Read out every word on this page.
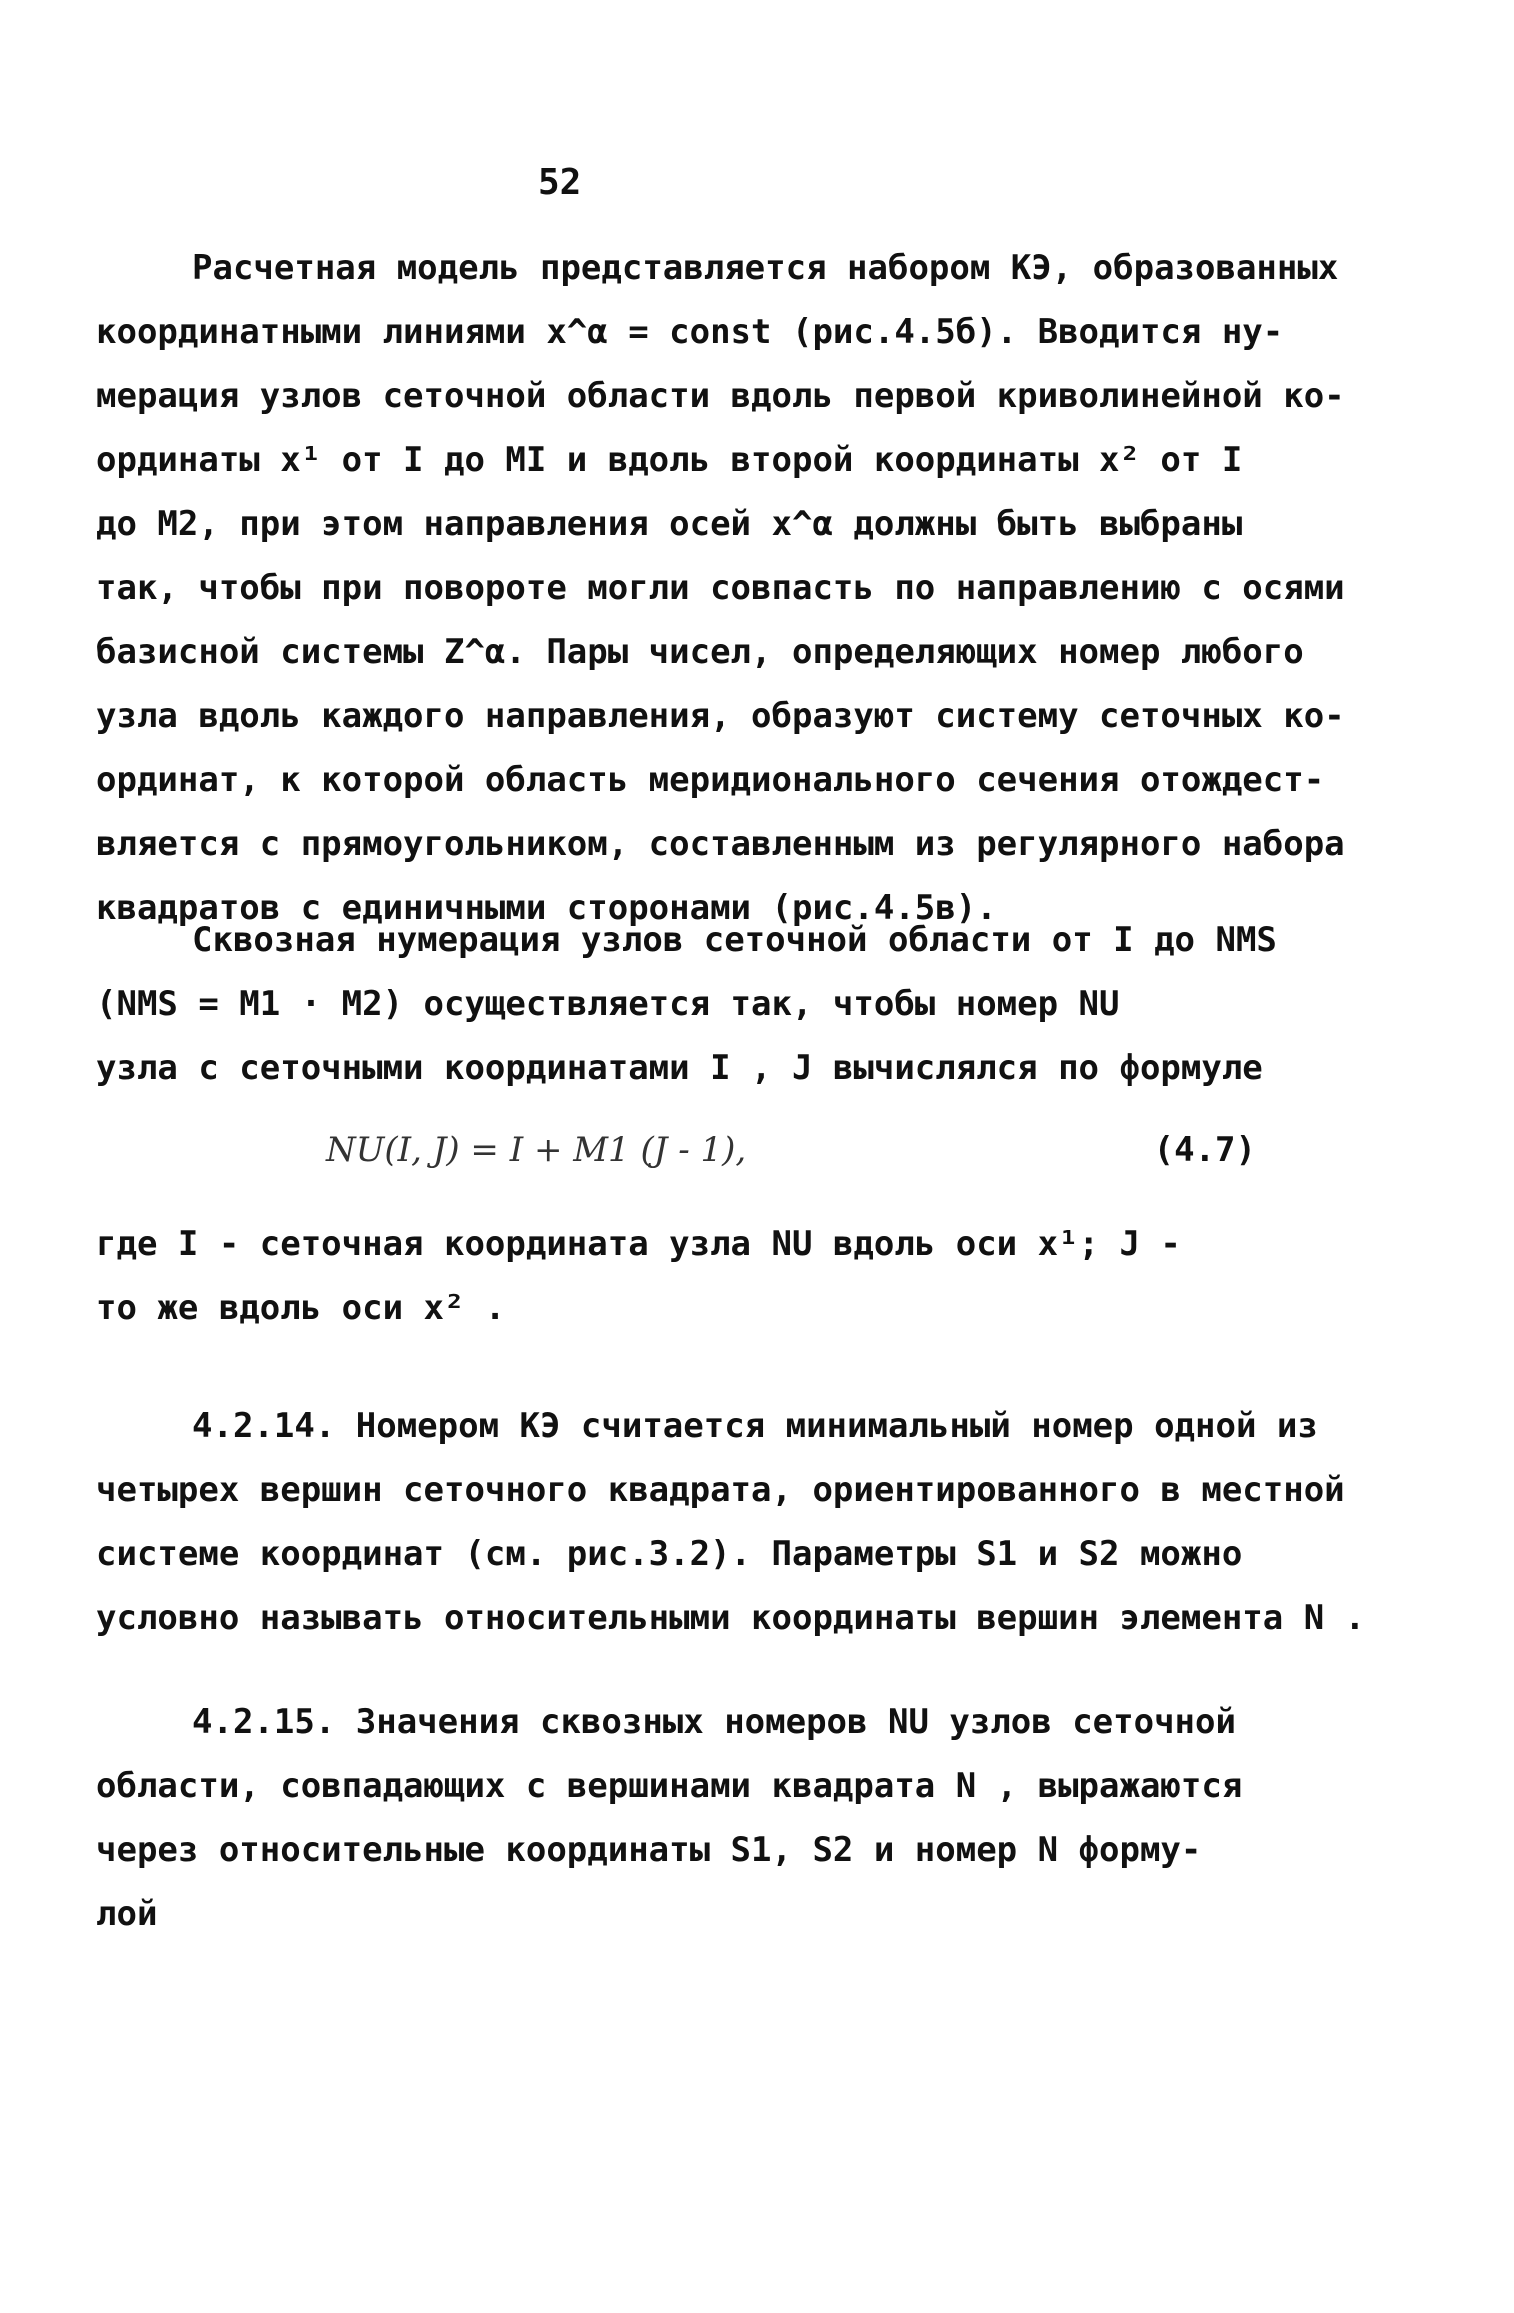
52
Расчетная модель представляется набором КЭ, образованных
координатными линиями x^α = const (рис.4.5б). Вводится ну-
мерация узлов сеточной области вдоль первой криволинейной ко-
ординаты x¹ от I до MI и вдоль второй координаты x² от I
до M2, при этом направления осей x^α должны быть выбраны
так, чтобы при повороте могли совпасть по направлению с осями
базисной системы Z^α. Пары чисел, определяющих номер любого
узла вдоль каждого направления, образуют систему сеточных ко-
ординат, к которой область меридионального сечения отождест-
вляется с прямоугольником, составленным из регулярного набора
квадратов с единичными сторонами (рис.4.5в).
Сквозная нумерация узлов сеточной области от I до NMS
(NMS = M1 · M2) осуществляется так, чтобы номер NU
узла с сеточными координатами I , J вычислялся по формуле
NU(I, J) = I + M1 (J - 1),	(4.7)
где I - сеточная координата узла NU вдоль оси x¹; J -
то же вдоль оси x² .
4.2.14. Номером КЭ считается минимальный номер одной из
четырех вершин сеточного квадрата, ориентированного в местной
системе координат (см. рис.3.2). Параметры S1 и S2 можно
условно называть относительными координаты вершин элемента N .
4.2.15. Значения сквозных номеров NU узлов сеточной
области, совпадающих с вершинами квадрата N , выражаются
через относительные координаты S1, S2 и номер N форму-
лой
